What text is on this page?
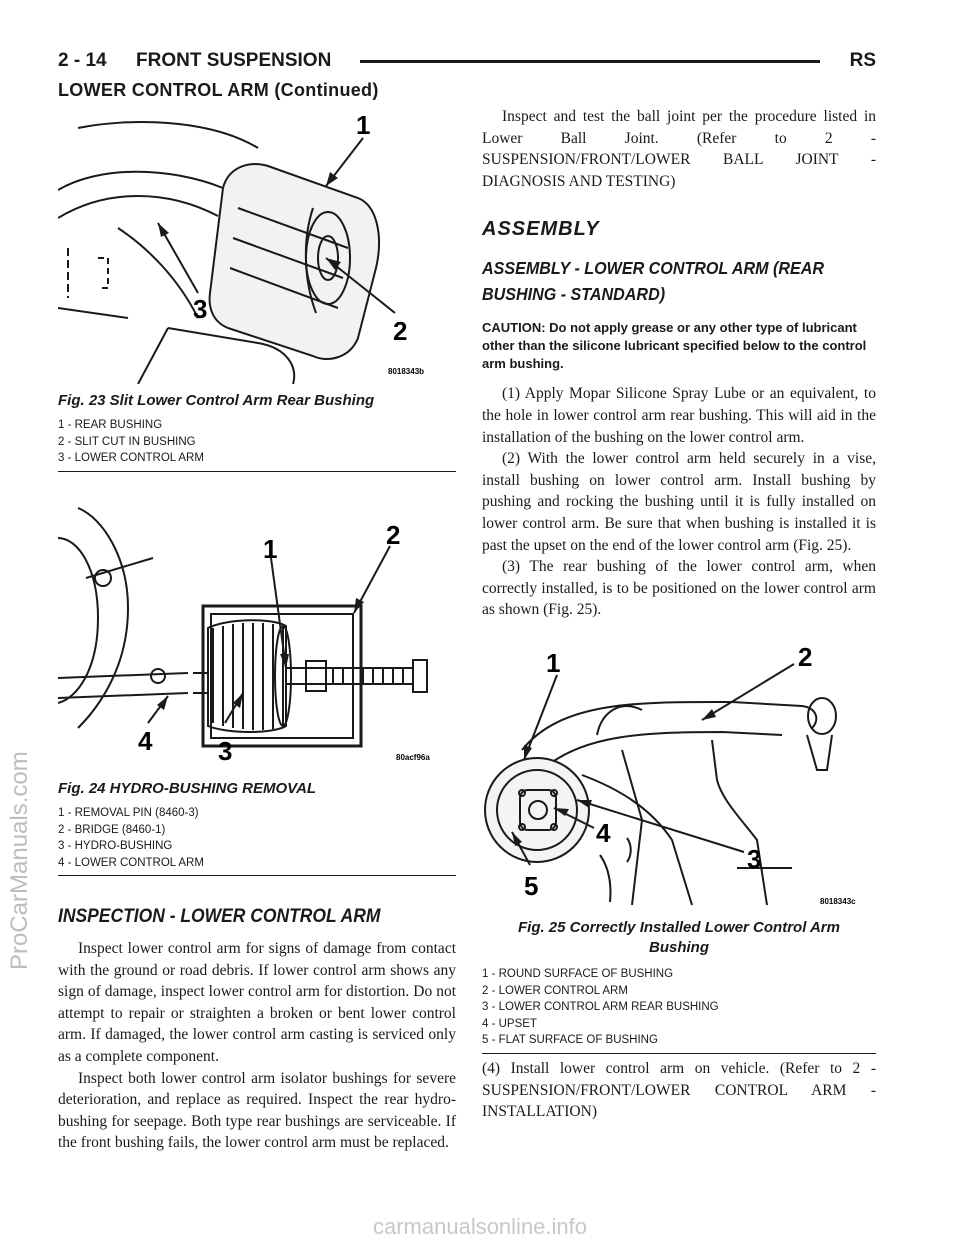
2 - 14 FRONT SUSPENSION	RS
LOWER CONTROL ARM (Continued)
1
2
3
8018343b
Fig. 23 Slit Lower Control Arm Rear Bushing
1 - REAR BUSHING
2 - SLIT CUT IN BUSHING
3 - LOWER CONTROL ARM
1	2
3
4
80acf96a
Fig. 24 HYDRO-BUSHING REMOVAL
1 - REMOVAL PIN (8460-3)
2 - BRIDGE (8460-1)
3 - HYDRO-BUSHING
4 - LOWER CONTROL ARM
INSPECTION - LOWER CONTROL ARM

Inspect lower control arm for signs of damage from contact with the ground or road debris. If lower control arm shows any sign of damage, inspect lower control arm for distortion. Do not attempt to repair or straighten a broken or bent lower control arm. If damaged, the lower control arm casting is serviced only as a complete component.

Inspect both lower control arm isolator bushings for severe deterioration, and replace as required. Inspect the rear hydro-bushing for seepage. Both type rear bushings are serviceable. If the front bushing fails, the lower control arm must be replaced.

Inspect and test the ball joint per the procedure listed in Lower Ball Joint. (Refer to 2 - SUSPENSION/FRONT/LOWER BALL JOINT - DIAGNOSIS AND TESTING)

ASSEMBLY
ASSEMBLY - LOWER CONTROL ARM (REAR
BUSHING - STANDARD)
CAUTION: Do not apply grease or any other type of lubricant other than the silicone lubricant specified below to the control arm bushing.

(1) Apply Mopar Silicone Spray Lube or an equivalent, to the hole in lower control arm rear bushing. This will aid in the installation of the bushing on the lower control arm.

(2) With the lower control arm held securely in a vise, install bushing on lower control arm. Install bushing by pushing and rocking the bushing until it is fully installed on lower control arm. Be sure that when bushing is installed it is past the upset on the end of the lower control arm (Fig. 25).

(3) The rear bushing of the lower control arm, when correctly installed, is to be positioned on the lower control arm as shown (Fig. 25).

1	2
3
4
5
8018343c
Fig. 25 Correctly Installed Lower Control Arm
Bushing
1 - ROUND SURFACE OF BUSHING
2 - LOWER CONTROL ARM
3 - LOWER CONTROL ARM REAR BUSHING
4 - UPSET
5 - FLAT SURFACE OF BUSHING

(4) Install lower control arm on vehicle. (Refer to 2 - SUSPENSION/FRONT/LOWER CONTROL ARM - INSTALLATION)

ProCarManuals.com
carmanualsonline.info
